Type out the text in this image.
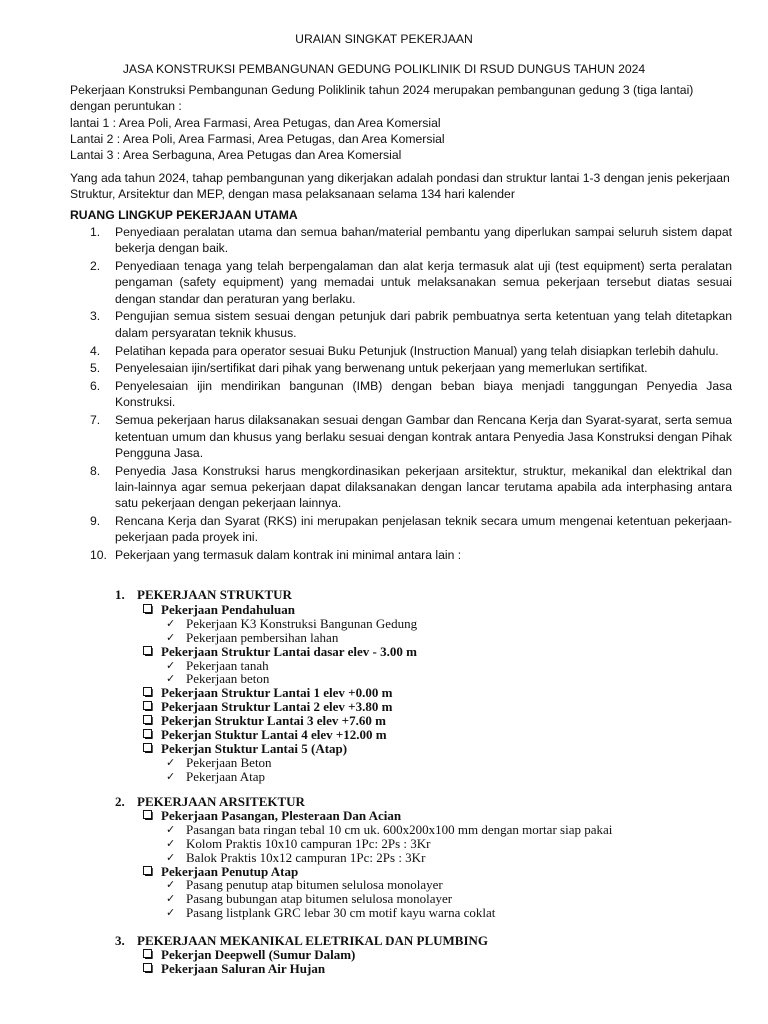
URAIAN SINGKAT PEKERJAAN
JASA KONSTRUKSI PEMBANGUNAN GEDUNG POLIKLINIK DI RSUD DUNGUS TAHUN 2024
Pekerjaan Konstruksi Pembangunan Gedung Poliklinik tahun 2024 merupakan pembangunan gedung 3 (tiga lantai)
dengan peruntukan :
lantai 1 : Area Poli, Area Farmasi, Area Petugas, dan Area Komersial
Lantai 2 : Area Poli, Area Farmasi, Area Petugas, dan Area Komersial
Lantai 3 : Area Serbaguna, Area Petugas dan Area Komersial
Yang ada tahun 2024, tahap pembangunan yang dikerjakan adalah pondasi dan struktur lantai 1-3 dengan jenis pekerjaan Struktur, Arsitektur dan MEP, dengan masa pelaksanaan selama 134 hari kalender
RUANG LINGKUP PEKERJAAN UTAMA
1.	Penyediaan peralatan utama dan semua bahan/material pembantu yang diperlukan sampai seluruh sistem dapat bekerja dengan baik.
2.	Penyediaan tenaga yang telah berpengalaman dan alat kerja termasuk alat uji (test equipment) serta peralatan pengaman (safety equipment) yang memadai untuk melaksanakan semua pekerjaan tersebut diatas sesuai dengan standar dan peraturan yang berlaku.
3.	Pengujian semua sistem sesuai dengan petunjuk dari pabrik pembuatnya serta ketentuan yang telah ditetapkan dalam persyaratan teknik khusus.
4.	Pelatihan kepada para operator sesuai Buku Petunjuk (Instruction Manual) yang telah disiapkan terlebih dahulu.
5.	Penyelesaian ijin/sertifikat dari pihak yang berwenang untuk pekerjaan yang memerlukan sertifikat.
6.	Penyelesaian ijin mendirikan bangunan (IMB) dengan beban biaya menjadi tanggungan Penyedia Jasa Konstruksi.
7.	Semua pekerjaan harus dilaksanakan sesuai dengan Gambar dan Rencana Kerja dan Syarat-syarat, serta semua ketentuan umum dan khusus yang berlaku sesuai dengan kontrak antara Penyedia Jasa Konstruksi dengan Pihak Pengguna Jasa.
8.	Penyedia Jasa Konstruksi harus mengkordinasikan pekerjaan arsitektur, struktur, mekanikal dan elektrikal dan lain-lainnya agar semua pekerjaan dapat dilaksanakan dengan lancar terutama apabila ada interphasing antara satu pekerjaan dengan pekerjaan lainnya.
9.	Rencana Kerja dan Syarat (RKS) ini merupakan penjelasan teknik secara umum mengenai ketentuan pekerjaan-pekerjaan pada proyek ini.
10. Pekerjaan yang termasuk dalam kontrak ini minimal antara lain :
1. PEKERJAAN STRUKTUR
Pekerjaan Pendahuluan
✓ Pekerjaan K3 Konstruksi Bangunan Gedung
✓ Pekerjaan pembersihan lahan
Pekerjaan Struktur Lantai dasar elev - 3.00 m
✓ Pekerjaan tanah
✓ Pekerjaan beton
Pekerjaan Struktur Lantai 1 elev +0.00 m
Pekerjaan Struktur Lantai 2 elev +3.80 m
Pekerjan Struktur Lantai 3 elev +7.60 m
Pekerjan Stuktur Lantai 4 elev +12.00 m
Pekerjan Stuktur Lantai 5 (Atap)
✓ Pekerjaan Beton
✓ Pekerjaan Atap
2. PEKERJAAN ARSITEKTUR
Pekerjaan Pasangan, Plesteraan Dan Acian
✓ Pasangan bata ringan tebal 10 cm uk. 600x200x100 mm dengan mortar siap pakai
✓ Kolom Praktis 10x10 campuran 1Pc: 2Ps : 3Kr
✓ Balok Praktis 10x12 campuran 1Pc: 2Ps : 3Kr
Pekerjaan Penutup Atap
✓ Pasang penutup atap bitumen selulosa monolayer
✓ Pasang bubungan atap bitumen selulosa monolayer
✓ Pasang listplank GRC lebar 30 cm motif kayu warna coklat
3. PEKERJAAN MEKANIKAL ELETRIKAL DAN PLUMBING
Pekerjan Deepwell (Sumur Dalam)
Pekerjaan Saluran Air Hujan
